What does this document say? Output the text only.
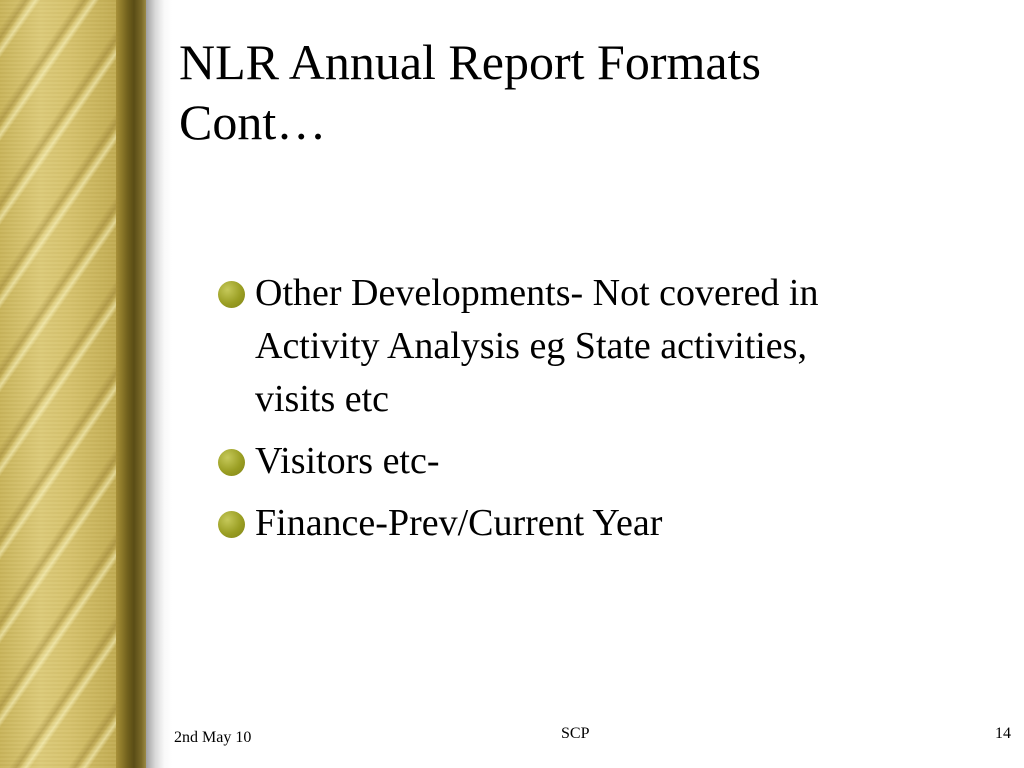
NLR Annual Report Formats
Cont…
Other Developments- Not covered in
Activity Analysis eg State activities,
visits etc
Visitors etc-
Finance-Prev/Current Year
2nd May 10	SCP	14
